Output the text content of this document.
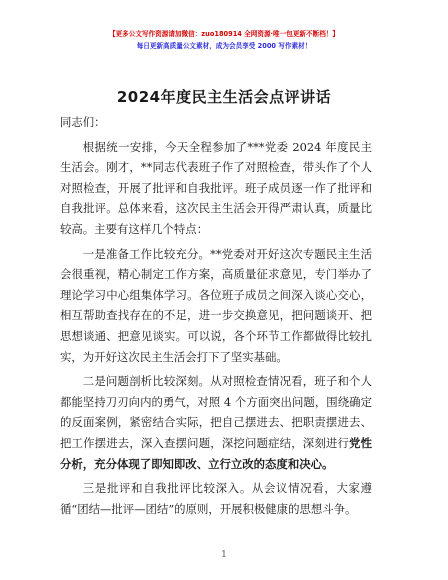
【更多公文写作资源请加微信：zuo180914 全网资源·唯一包更新不断档！】
每日更新高质量公文素材，成为会员享受 2000 写作素材！
2024年度民主生活会点评讲话

同志们：

根据统一安排，今天全程参加了***党委 2024 年度民主生活会。刚才，**同志代表班子作了对照检查，带头作了个人对照检查，开展了批评和自我批评。班子成员逐一作了批评和自我批评。总体来看，这次民主生活会开得严肃认真，质量比较高。主要有这样几个特点：

一是准备工作比较充分。**党委对开好这次专题民主生活会很重视，精心制定工作方案，高质量征求意见，专门举办了理论学习中心组集体学习。各位班子成员之间深入谈心交心，相互帮助查找存在的不足，进一步交换意见，把问题谈开、把思想谈通、把意见谈实。可以说，各个环节工作都做得比较扎实，为开好这次民主生活会打下了坚实基础。

二是问题剖析比较深刻。从对照检查情况看，班子和个人都能坚持刀刃向内的勇气，对照 4 个方面突出问题，围绕确定的反面案例，紧密结合实际，把自己摆进去、把职责摆进去、把工作摆进去，深入查摆问题，深挖问题症结，深刻进行党性分析，充分体现了即知即改、立行立改的态度和决心。

三是批评和自我批评比较深入。从会议情况看，大家遵循“团结—批评—团结”的原则，开展积极健康的思想斗争。

1
